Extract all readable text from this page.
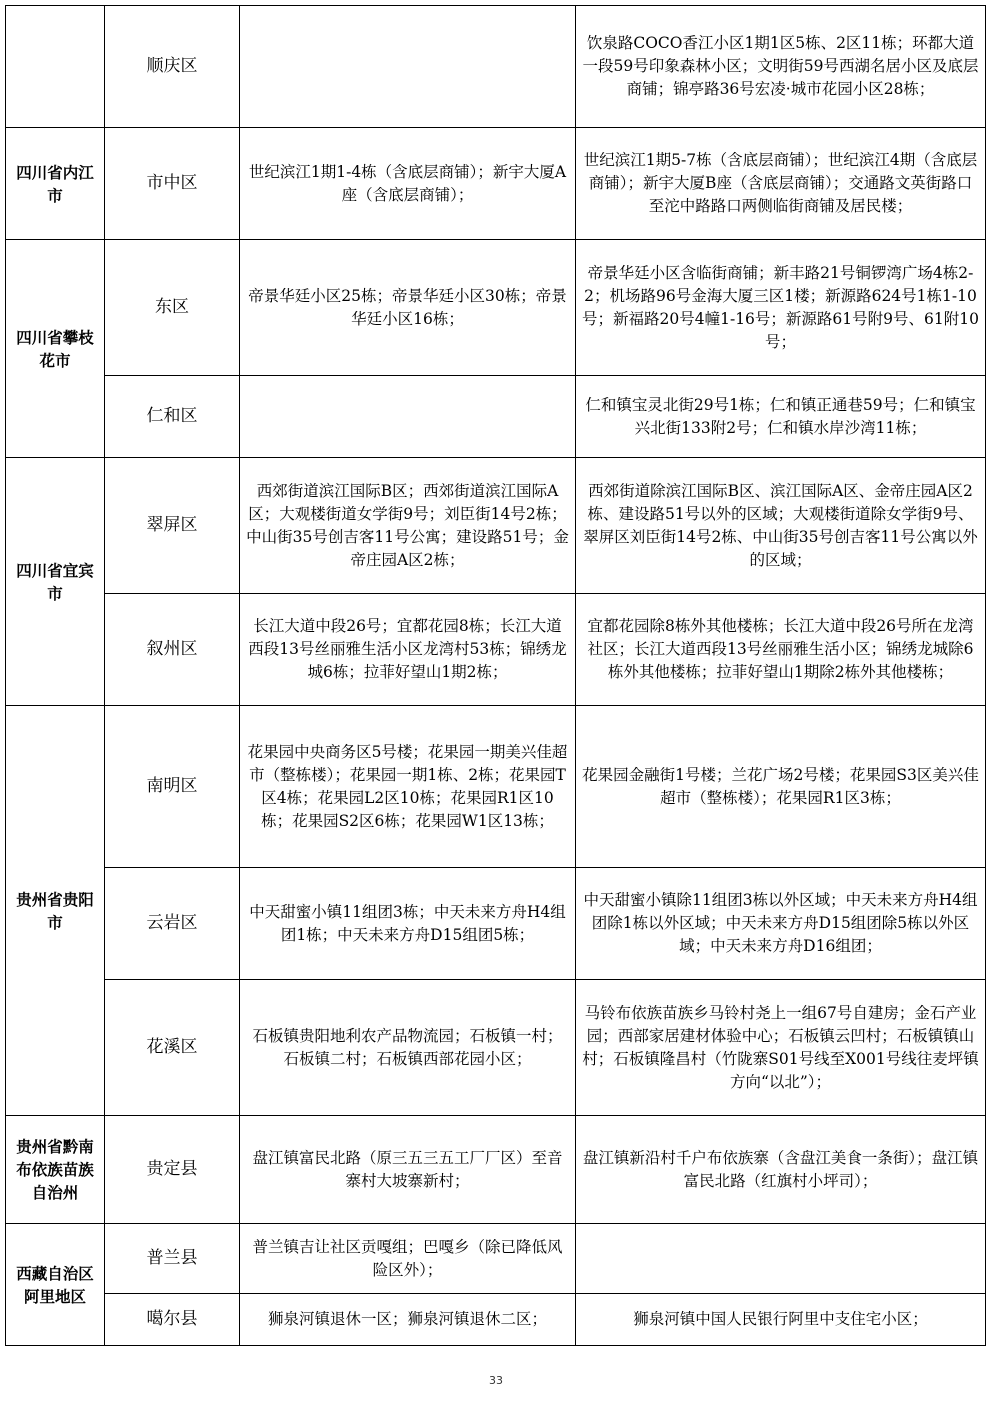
	顺庆区		饮泉路COCO香江小区1期1区5栋、2区11栋；环都大道一段59号印象森林小区；文明街59号西湖名居小区及底层商铺；锦亭路36号宏凌·城市花园小区28栋；
四川省内江市	市中区	世纪滨江1期1-4栋（含底层商铺）；新宇大厦A座（含底层商铺）；	世纪滨江1期5-7栋（含底层商铺）；世纪滨江4期（含底层商铺）；新宇大厦B座（含底层商铺）；交通路文英街路口至沱中路路口两侧临街商铺及居民楼；
四川省攀枝花市	东区	帝景华廷小区25栋；帝景华廷小区30栋；帝景华廷小区16栋；	帝景华廷小区含临街商铺；新丰路21号铜锣湾广场4栋2-2；机场路96号金海大厦三区1楼；新源路624号1栋1-10号；新福路20号4幢1-16号；新源路61号附9号、61附10号；
	仁和区		仁和镇宝灵北街29号1栋；仁和镇正通巷59号；仁和镇宝兴北街133附2号；仁和镇水岸沙湾11栋；
四川省宜宾市	翠屏区	西郊街道滨江国际B区；西郊街道滨江国际A区；大观楼街道女学街9号；刘臣街14号2栋；中山街35号创吉客11号公寓；建设路51号；金帝庄园A区2栋；	西郊街道除滨江国际B区、滨江国际A区、金帝庄园A区2栋、建设路51号以外的区域；大观楼街道除女学街9号、翠屏区刘臣街14号2栋、中山街35号创吉客11号公寓以外的区域；
	叙州区	长江大道中段26号；宜都花园8栋；长江大道西段13号丝丽雅生活小区龙湾村53栋；锦绣龙城6栋；拉菲好望山1期2栋；	宜都花园除8栋外其他楼栋；长江大道中段26号所在龙湾社区；长江大道西段13号丝丽雅生活小区；锦绣龙城除6栋外其他楼栋；拉菲好望山1期除2栋外其他楼栋；
贵州省贵阳市	南明区	花果园中央商务区5号楼；花果园一期美兴佳超市（整栋楼）；花果园一期1栋、2栋；花果园T区4栋；花果园L2区10栋；花果园R1区10栋；花果园S2区6栋；花果园W1区13栋；	花果园金融街1号楼；兰花广场2号楼；花果园S3区美兴佳超市（整栋楼）；花果园R1区3栋；
	云岩区	中天甜蜜小镇11组团3栋；中天未来方舟H4组团1栋；中天未来方舟D15组团5栋；	中天甜蜜小镇除11组团3栋以外区域；中天未来方舟H4组团除1栋以外区域；中天未来方舟D15组团除5栋以外区域；中天未来方舟D16组团；
	花溪区	石板镇贵阳地利农产品物流园；石板镇一村；石板镇二村；石板镇西部花园小区；	马铃布依族苗族乡马铃村尧上一组67号自建房；金石产业园；西部家居建材体验中心；石板镇云凹村；石板镇镇山村；石板镇隆昌村（竹陇寨S01号线至X001号线往麦坪镇方向“以北”）；
贵州省黔南布依族苗族自治州	贵定县	盘江镇富民北路（原三五三五工厂厂区）至音寨村大坡寨新村；	盘江镇新沿村千户布依族寨（含盘江美食一条街）；盘江镇富民北路（红旗村小坪司）；
西藏自治区阿里地区	普兰县	普兰镇吉让社区贡嘎组；巴嘎乡（除已降低风险区外）；	
	噶尔县	狮泉河镇退休一区；狮泉河镇退休二区；	狮泉河镇中国人民银行阿里中支住宅小区；
33
